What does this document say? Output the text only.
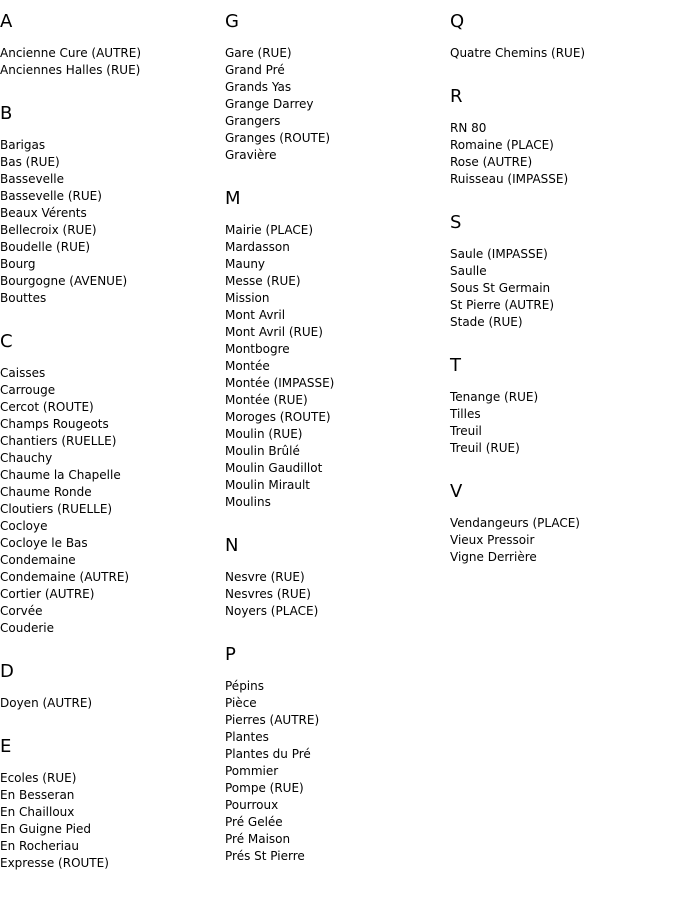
A
Ancienne Cure (AUTRE)
Anciennes Halles (RUE)
B
Barigas
Bas (RUE)
Bassevelle
Bassevelle (RUE)
Beaux Vérents
Bellecroix (RUE)
Boudelle (RUE)
Bourg
Bourgogne (AVENUE)
Bouttes
C
Caisses
Carrouge
Cercot (ROUTE)
Champs Rougeots
Chantiers (RUELLE)
Chauchy
Chaume la Chapelle
Chaume Ronde
Cloutiers (RUELLE)
Cocloye
Cocloye le Bas
Condemaine
Condemaine (AUTRE)
Cortier (AUTRE)
Corvée
Couderie
D
Doyen (AUTRE)
E
Ecoles (RUE)
En Besseran
En Chailloux
En Guigne Pied
En Rocheriau
Expresse (ROUTE)
G
Gare (RUE)
Grand Pré
Grands Yas
Grange Darrey
Grangers
Granges (ROUTE)
Gravière
M
Mairie (PLACE)
Mardasson
Mauny
Messe (RUE)
Mission
Mont Avril
Mont Avril (RUE)
Montbogre
Montée
Montée (IMPASSE)
Montée (RUE)
Moroges (ROUTE)
Moulin (RUE)
Moulin Brûlé
Moulin Gaudillot
Moulin Mirault
Moulins
N
Nesvre (RUE)
Nesvres (RUE)
Noyers (PLACE)
P
Pépins
Pièce
Pierres (AUTRE)
Plantes
Plantes du Pré
Pommier
Pompe (RUE)
Pourroux
Pré Gelée
Pré Maison
Prés St Pierre
Q
Quatre Chemins (RUE)
R
RN 80
Romaine (PLACE)
Rose (AUTRE)
Ruisseau (IMPASSE)
S
Saule (IMPASSE)
Saulle
Sous St Germain
St Pierre (AUTRE)
Stade (RUE)
T
Tenange (RUE)
Tilles
Treuil
Treuil (RUE)
V
Vendangeurs (PLACE)
Vieux Pressoir
Vigne Derrière
